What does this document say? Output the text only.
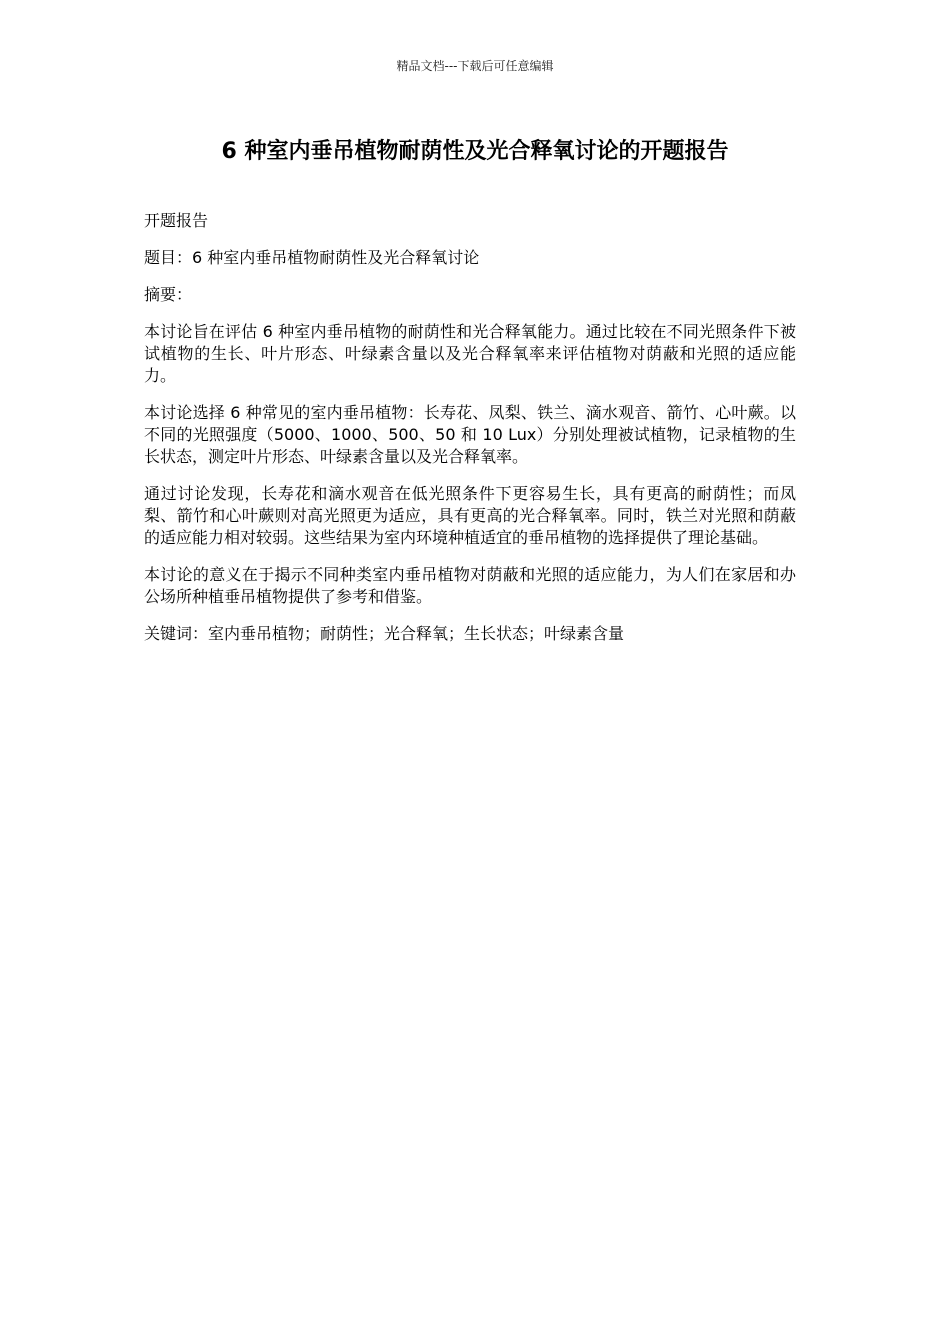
精品文档---下载后可任意编辑
6 种室内垂吊植物耐荫性及光合释氧讨论的开题报告

开题报告

题目：6 种室内垂吊植物耐荫性及光合释氧讨论

摘要：

本讨论旨在评估 6 种室内垂吊植物的耐荫性和光合释氧能力。通过比较在不同光照条件下被试植物的生长、叶片形态、叶绿素含量以及光合释氧率来评估植物对荫蔽和光照的适应能力。

本讨论选择 6 种常见的室内垂吊植物：长寿花、凤梨、铁兰、滴水观音、箭竹、心叶蕨。以不同的光照强度（5000、1000、500、50 和 10 Lux）分别处理被试植物，记录植物的生长状态，测定叶片形态、叶绿素含量以及光合释氧率。

通过讨论发现，长寿花和滴水观音在低光照条件下更容易生长，具有更高的耐荫性；而凤梨、箭竹和心叶蕨则对高光照更为适应，具有更高的光合释氧率。同时，铁兰对光照和荫蔽的适应能力相对较弱。这些结果为室内环境种植适宜的垂吊植物的选择提供了理论基础。

本讨论的意义在于揭示不同种类室内垂吊植物对荫蔽和光照的适应能力，为人们在家居和办公场所种植垂吊植物提供了参考和借鉴。

关键词：室内垂吊植物；耐荫性；光合释氧；生长状态；叶绿素含量
